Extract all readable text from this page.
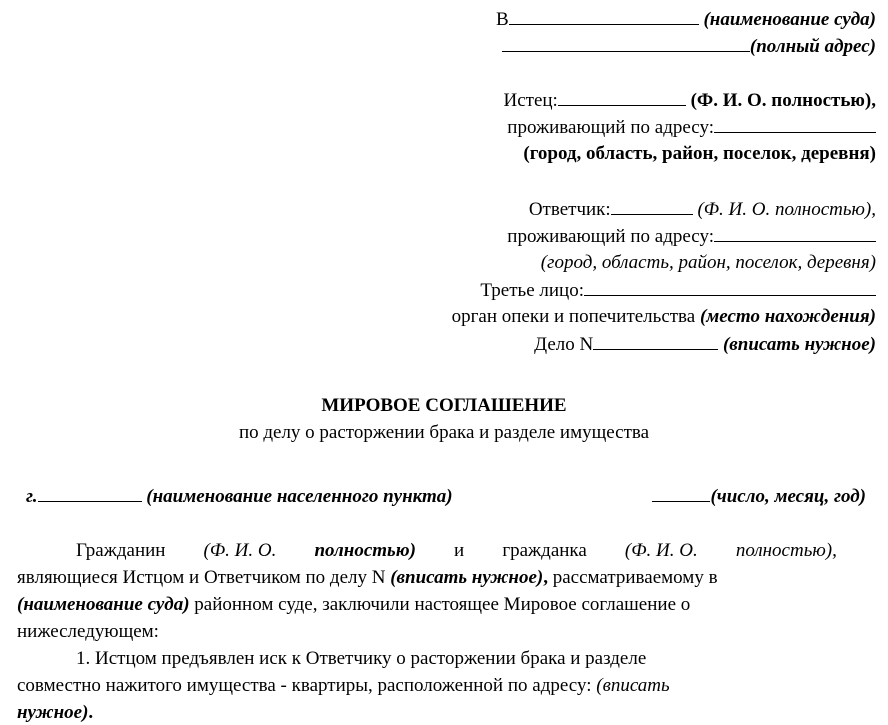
В	(наименование суда)
(полный адрес)
Истец:	(Ф. И. О. полностью),
проживающий по адресу:
(город, область, район, поселок, деревня)
Ответчик:	(Ф. И. О. полностью),
проживающий по адресу:
(город, область, район, поселок, деревня)
Третье лицо:
орган опеки и попечительства (место нахождения)
Дело N	(вписать нужное)
МИРОВОЕ СОГЛАШЕНИЕ
по делу о расторжении брака и разделе имущества
г.	(наименование населенного пункта)	(число, месяц, год)
Гражданин (Ф. И. О. полностью) и гражданка (Ф. И. О. полностью),
являющиеся Истцом и Ответчиком по делу N (вписать нужное), рассматриваемому в
(наименование суда) районном суде, заключили настоящее Мировое соглашение о
нижеследующем:
1. Истцом предъявлен иск к Ответчику о расторжении брака и разделе
совместно нажитого имущества - квартиры, расположенной по адресу: (вписать
нужное).
